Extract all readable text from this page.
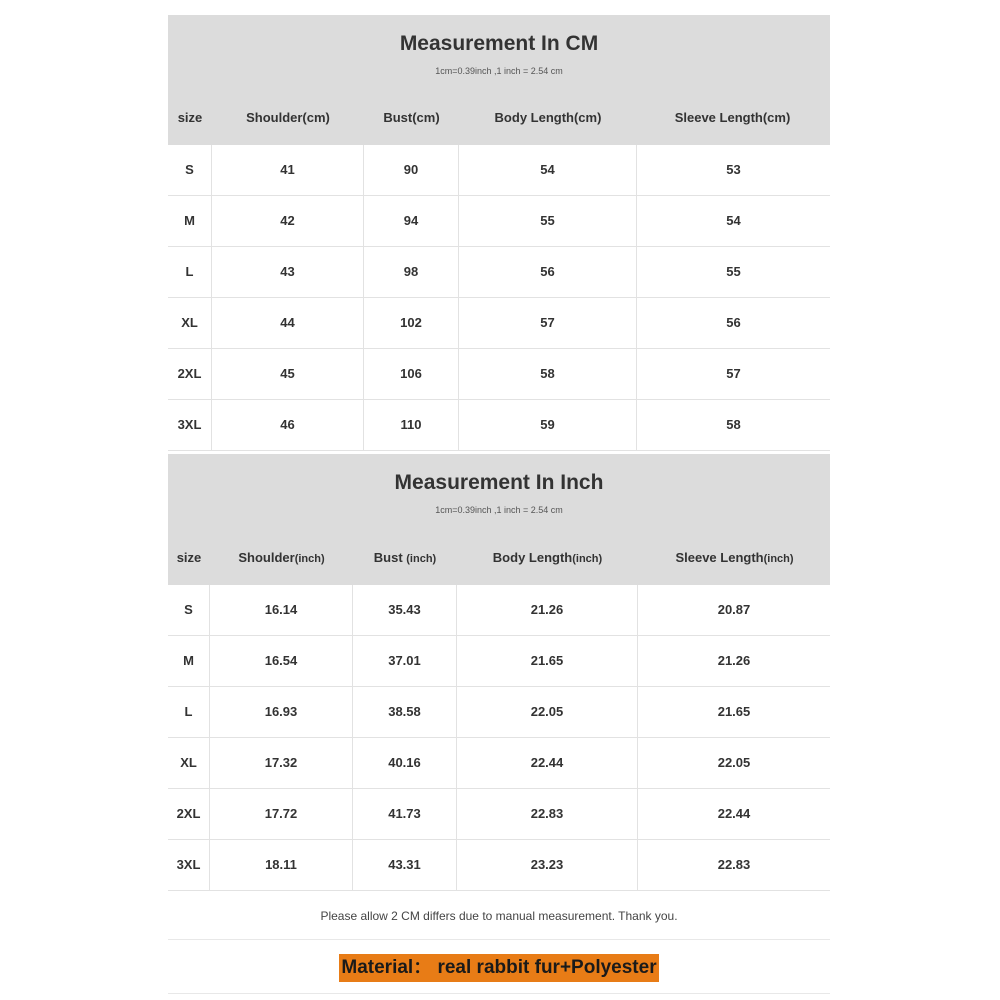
Measurement In CM
1cm=0.39inch ,1 inch = 2.54 cm
size	Shoulder(cm)	Bust(cm)	Body Length(cm)	Sleeve Length(cm)
S	41	90	54	53
M	42	94	55	54
L	43	98	56	55
XL	44	102	57	56
2XL	45	106	58	57
3XL	46	110	59	58
Measurement In Inch
1cm=0.39inch ,1 inch = 2.54 cm
size	Shoulder(inch)	Bust (inch)	Body Length(inch)	Sleeve Length(inch)
S	16.14	35.43	21.26	20.87
M	16.54	37.01	21.65	21.26
L	16.93	38.58	22.05	21.65
XL	17.32	40.16	22.44	22.05
2XL	17.72	41.73	22.83	22.44
3XL	18.11	43.31	23.23	22.83
Please allow 2 CM differs due to manual measurement. Thank you.
Material： real rabbit fur+Polyester
